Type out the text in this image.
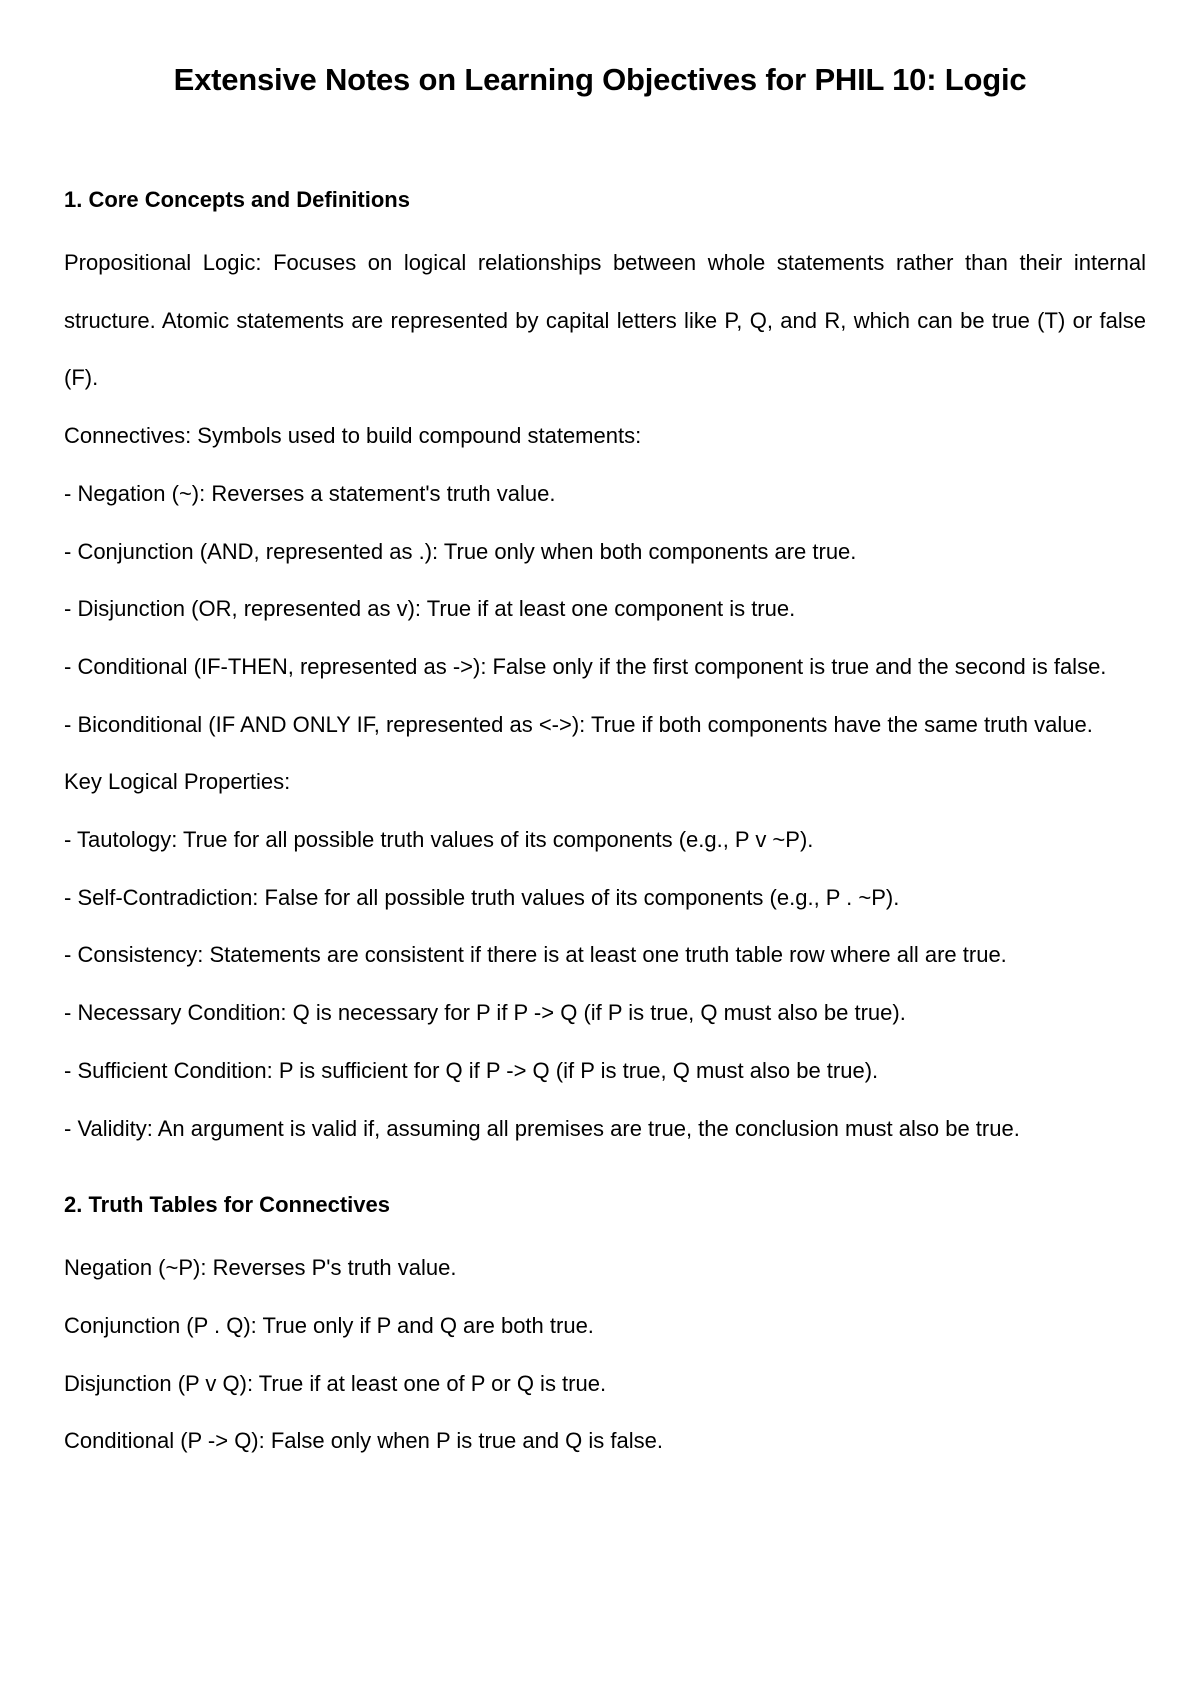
Extensive Notes on Learning Objectives for PHIL 10: Logic
1. Core Concepts and Definitions

Propositional Logic: Focuses on logical relationships between whole statements rather than their internal structure. Atomic statements are represented by capital letters like P, Q, and R, which can be true (T) or false (F).

Connectives: Symbols used to build compound statements:

- Negation (~): Reverses a statement's truth value.

- Conjunction (AND, represented as .): True only when both components are true.

- Disjunction (OR, represented as v): True if at least one component is true.

- Conditional (IF-THEN, represented as ->): False only if the first component is true and the second is false.

- Biconditional (IF AND ONLY IF, represented as <->): True if both components have the same truth value.

Key Logical Properties:

- Tautology: True for all possible truth values of its components (e.g., P v ~P).

- Self-Contradiction: False for all possible truth values of its components (e.g., P . ~P).

- Consistency: Statements are consistent if there is at least one truth table row where all are true.

- Necessary Condition: Q is necessary for P if P -> Q (if P is true, Q must also be true).

- Sufficient Condition: P is sufficient for Q if P -> Q (if P is true, Q must also be true).

- Validity: An argument is valid if, assuming all premises are true, the conclusion must also be true.

2. Truth Tables for Connectives

Negation (~P): Reverses P's truth value.

Conjunction (P . Q): True only if P and Q are both true.

Disjunction (P v Q): True if at least one of P or Q is true.

Conditional (P -> Q): False only when P is true and Q is false.
